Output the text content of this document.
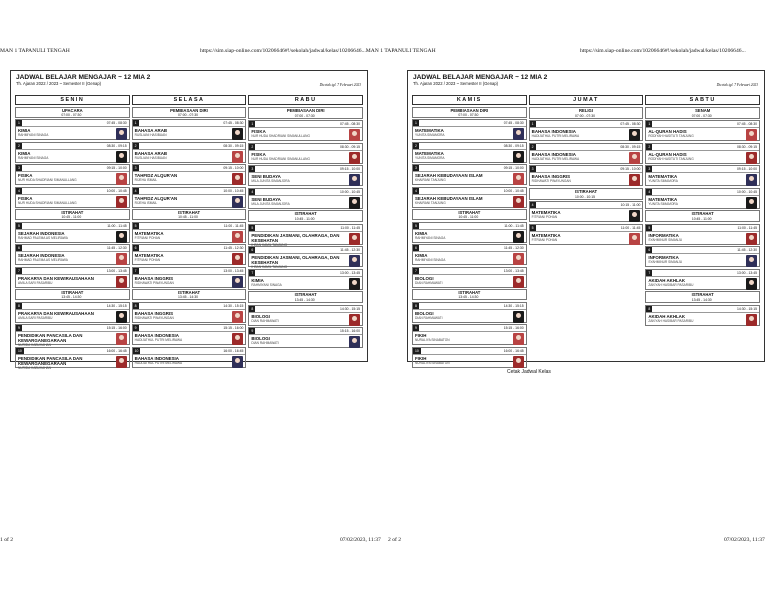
MAN 1 TAPANULI TENGAH	https://sim.siap-online.com/10206646#!/sekolah/jadwal/kelas/10206646...MAN 1 TAPANULI TENGAH	https://sim.siap-online.com/10206646#!/sekolah/jadwal/kelas/10206646...
JADWAL BELAJAR MENGAJAR ~ 12 MIA 2
Th. Ajaran 2022 / 2023 ~ Semester II (Genap)	Dicetak tgl. 7 Februari 2023
SENIN
UPACARA
07:00 - 07:30
1	07:45 - 08:30
KIMIA
RAHMIYANI SINAGA
2	08:30 - 09:15
KIMIA
RAHMIYANI SINAGA
3	09:15 - 10:00
FISIKA
NUR HUDA SHADRIANI SIMANULLANG
4	10:00 - 10:45
FISIKA
NUR HUDA SHADRIANI SIMANULLANG
ISTIRAHAT
10:45 - 11:00
5	11:00 - 11:45
SEJARAH INDONESIA
RAHMAD PALEMA AS MELIRAWA
6	11:45 - 12:30
SEJARAH INDONESIA
RAHMAD PALEMA AS MELIRAWA
7	13:00 - 13:45
PRAKARYA DAN KEWIRAUSAHAAN
AMILA SARI PASARIBU
ISTIRAHAT
13:45 - 14:30
8	14:30 - 15:15
PRAKARYA DAN KEWIRAUSAHAAN
AMILA SARI PASARIBU
9	15:15 - 16:00
PENDIDIKAN PANCASILA DAN KEWARGANEGARAAN
NURIDA HABUHAHAN
10	16:00 - 16:45
PENDIDIKAN PANCASILA DAN KEWARGANEGARAAN
NURIDA HABUHAHAN
SELASA
PEMBIASAAN DIRI
07:00 - 07:30
1	07:45 - 08:30
BAHASA ARAB
RUSLIANI HASIBUAN
2	08:30 - 09:15
BAHASA ARAB
RUSLIANI HASIBUAN
3	09:15 - 10:00
TAHFIDZ ALQUR'AN
RIJEHA ISMAIL
4	10:00 - 10:45
TAHFIDZ ALQUR'AN
RIJEHA ISMAIL
ISTIRAHAT
10:45 - 11:00
5	11:00 - 11:45
MATEMATIKA
FITRIANI POHAN
6	11:45 - 12:30
MATEMATIKA
FITRIANI POHAN
7	13:00 - 13:45
BAHASA INGGRIS
RIDHAWATI PINAYUNGAN
ISTIRAHAT
13:45 - 14:30
8	14:30 - 15:15
BAHASA INGGRIS
RIDHAWATI PINAYUNGAN
9	15:15 - 16:00
BAHASA INDONESIA
HADIJATHUL PUTRI MELIRAWA
10	16:00 - 16:45
BAHASA INDONESIA
HADIJATHUL PUTRI MELIRAWA
RABU
PEMBIASAAN DIRI
07:00 - 07:30
1	07:45 - 08:30
FISIKA
NUR HUDA SHADRIANI SIMANULLANG
2	08:30 - 09:15
FISIKA
NUR HUDA SHADRIANI SIMANULLANG
3	09:15 - 10:00
SENI BUDAYA
MILA JUNITA SIMANJORA
4	10:00 - 10:45
SENI BUDAYA
MILA JUNITA SIMANJORA
ISTIRAHAT
10:45 - 11:00
5	11:00 - 11:45
PENDIDIKAN JASMANI, OLAHRAGA, DAN KESEHATAN
IHSAN KAMIL TANJUNG
6	11:45 - 12:30
PENDIDIKAN JASMANI, OLAHRAGA, DAN KESEHATAN
IHSAN KAMIL TANJUNG
7	13:00 - 13:45
KIMIA
RAHMIYANI SINAGA
ISTIRAHAT
13:45 - 14:30
8	14:30 - 15:15
BIOLOGI
DIAN RAHMAWATI
9	15:15 - 16:00
BIOLOGI
DIAN RAHMAWATI
JADWAL BELAJAR MENGAJAR ~ 12 MIA 2
Th. Ajaran 2022 / 2023 ~ Semester II (Genap)	Dicetak tgl. 7 Februari 2023
KAMIS
PEMBIASAAN DIRI
07:00 - 07:30
1	07:45 - 08:30
MATEMATIKA
YUNITA SIMAMORA
2	08:30 - 09:15
MATEMATIKA
YUNITA SIMAMORA
3	09:15 - 10:00
SEJARAH KEBUDAYAAN ISLAM
KHAIRANI TANJUNG
4	10:00 - 10:45
SEJARAH KEBUDAYAAN ISLAM
KHAIRANI TANJUNG
ISTIRAHAT
10:45 - 11:00
5	11:00 - 11:45
KIMIA
RAHMIYANI SINAGA
6	11:45 - 12:30
KIMIA
RAHMIYANI SINAGA
7	13:00 - 13:45
BIOLOGI
DIAN RAHMAWATI
ISTIRAHAT
13:45 - 14:30
8	14:30 - 15:15
BIOLOGI
DIAN RAHMAWATI
9	15:15 - 16:00
FIKIH
NURALIYA SINABATON
10	16:00 - 16:45
FIKIH
NURALIYA SINABATON
JUMAT
RELIGI
07:00 - 07:30
1	07:45 - 08:30
BAHASA INDONESIA
HADIJATHUL PUTRI MELIRAWA
2	08:30 - 09:15
BAHASA INDONESIA
HADIJATHUL PUTRI MELIRAWA
3	09:15 - 10:00
BAHASA INGGRIS
RIDHAWATI PINAYUNGAN
ISTIRAHAT
10:00 - 10:15
4	10:15 - 11:00
MATEMATIKA
FITRIANI POHAN
5	11:00 - 11:45
MATEMATIKA
FITRIANI POHAN
SABTU
SENAM
07:00 - 07:30
1	07:45 - 08:30
AL-QURAN HADIS
RODIYAH HASITUTI TANJUNG
2	08:30 - 09:15
AL-QURAN HADIS
RODIYAH HASITUTI TANJUNG
3	09:15 - 10:00
MATEMATIKA
YUNITA SIMAMORA
4	10:00 - 10:45
MATEMATIKA
YUNITA SIMAMORA
ISTIRAHAT
10:45 - 11:00
5	11:00 - 11:45
INFORMATIKA
SYAHMINUR SIMANJU
6	11:45 - 12:30
INFORMATIKA
SYAHMINUR SIMANJU
7	13:00 - 13:45
AKIDAH AKHLAK
ZAKIYAH HASIBAR PASARIBU
ISTIRAHAT
13:45 - 14:30
8	14:30 - 15:15
AKIDAH AKHLAK
ZAKIYAH HASIBAR PASARIBU
Cetak Jadwal Kelas
1 of 2	07/02/2023, 11:37 2 of 2	07/02/2023, 11:37
